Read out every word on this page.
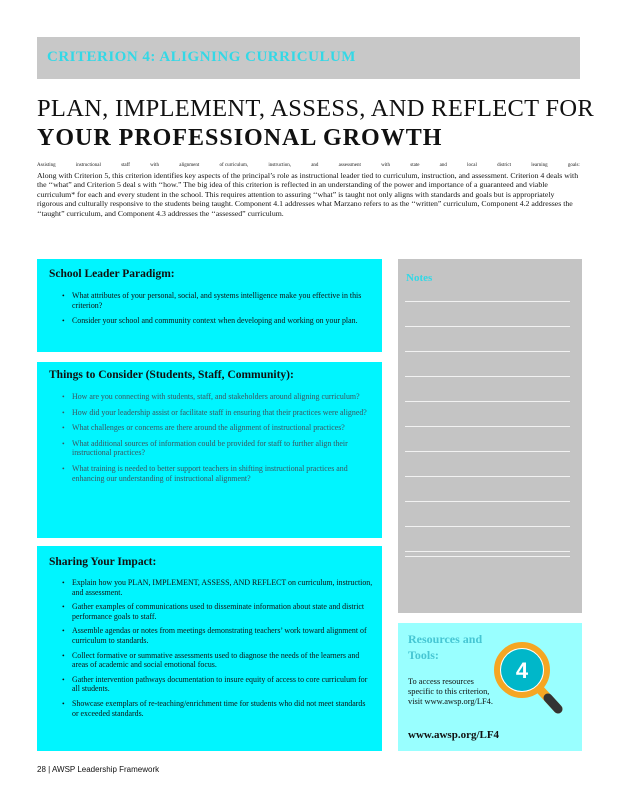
CRITERION 4: ALIGNING CURRICULUM
PLAN, IMPLEMENT, ASSESS, AND REFLECT FOR
YOUR PROFESSIONAL GROWTH
Assisting	instructional	staff	with	alignment	of curriculum,	instruction,	and	assessment	with	state	and	local	district	learning	goals:
Along with Criterion 5, this criterion identifies key aspects of the principal’s role as instructional leader tied to curriculum, instruction, and assessment. Criterion 4 deals with the ‘‘what” and Criterion 5 deal s with ‘‘how.” The big idea of this criterion is reflected in an understanding of the power and importance of a guaranteed and viable curriculum* for each and every student in the school. This requires attention to assuring ‘‘what” is taught not only aligns with standards and goals but is appropriately rigorous and culturally responsive to the students being taught. Component 4.1 addresses what Marzano refers to as the ‘‘written” curriculum, Component 4.2 addresses the ‘‘taught” curriculum, and Component 4.3 addresses the ‘‘assessed” curriculum.
School Leader Paradigm:
• What attributes of your personal, social, and systems intelligence make you effective in this criterion?
• Consider your school and community context when developing and working on your plan.
Things to Consider (Students, Staff, Community):
• How are you connecting with students, staff, and stakeholders around aligning curriculum?
• How did your leadership assist or facilitate staff in ensuring that their practices were aligned?
• What challenges or concerns are there around the alignment of instructional practices?
• What additional sources of information could be provided for staff to further align their instructional practices?
• What training is needed to better support teachers in shifting instructional practices and enhancing our understanding of instructional alignment?
Sharing Your Impact:
• Explain how you PLAN, IMPLEMENT, ASSESS, AND REFLECT on curriculum, instruction, and assessment.
• Gather examples of communications used to disseminate information about state and district performance goals to staff.
• Assemble agendas or notes from meetings demonstrating teachers’ work toward alignment of curriculum to standards.
• Collect formative or summative assessments used to diagnose the needs of the learners and areas of academic and social emotional focus.
• Gather intervention pathways documentation to insure equity of access to core curriculum for all students.
• Showcase exemplars of re-teaching/enrichment time for students who did not meet standards or exceeded standards.
Notes
Resources and Tools:
To access resources specific to this criterion, visit www.awsp.org/LF4.
www.awsp.org/LF4
4
28 | AWSP Leadership Framework
